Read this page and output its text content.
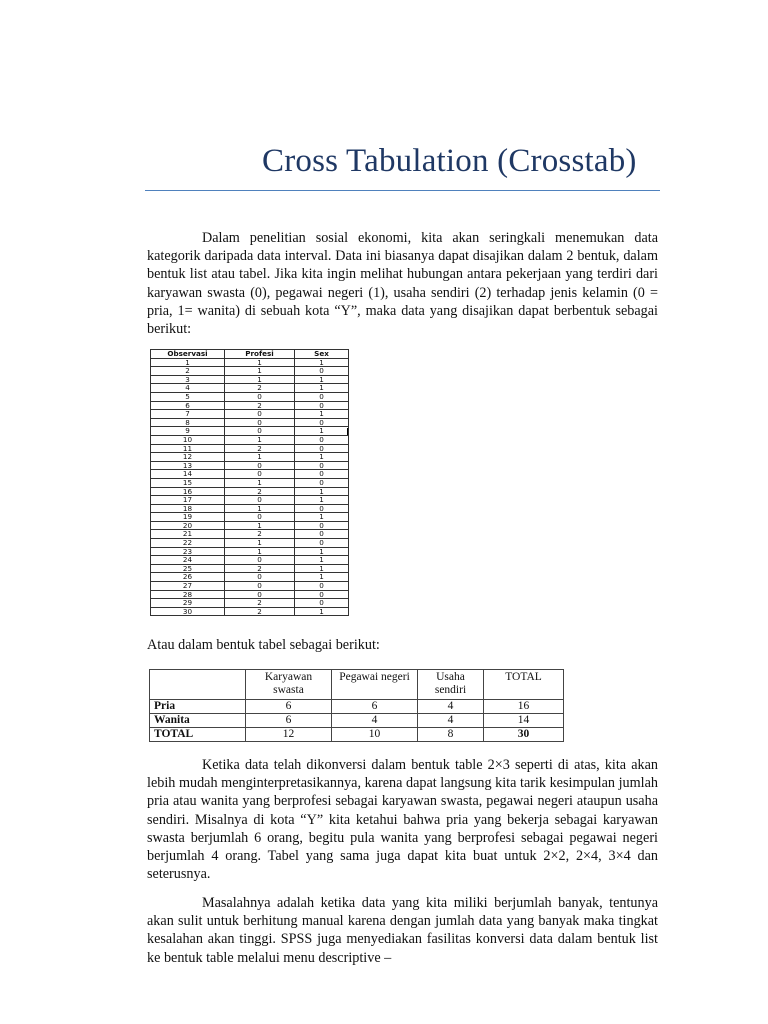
Cross Tabulation (Crosstab)

Dalam penelitian sosial ekonomi, kita akan seringkali menemukan data kategorik daripada data interval. Data ini biasanya dapat disajikan dalam 2 bentuk, dalam bentuk list atau tabel. Jika kita ingin melihat hubungan antara pekerjaan yang terdiri dari karyawan swasta (0), pegawai negeri (1), usaha sendiri (2) terhadap jenis kelamin (0 = pria, 1= wanita) di sebuah kota “Y”, maka data yang disajikan dapat berbentuk sebagai berikut:

Observasi	Profesi	Sex
1	1	1
2	1	0
3	1	1
4	2	1
5	0	0
6	2	0
7	0	1
8	0	0
9	0	1
10	1	0
11	2	0
12	1	1
13	0	0
14	0	0
15	1	0
16	2	1
17	0	1
18	1	0
19	0	1
20	1	0
21	2	0
22	1	0
23	1	1
24	0	1
25	2	1
26	0	1
27	0	0
28	0	0
29	2	0
30	2	1

Atau dalam bentuk tabel sebagai berikut:

	Karyawan swasta	Pegawai negeri	Usaha sendiri	TOTAL
Pria	6	6	4	16
Wanita	6	4	4	14
TOTAL	12	10	8	30

Ketika data telah dikonversi dalam bentuk table 2×3 seperti di atas, kita akan lebih mudah menginterpretasikannya, karena dapat langsung kita tarik kesimpulan jumlah pria atau wanita yang berprofesi sebagai karyawan swasta, pegawai negeri ataupun usaha sendiri. Misalnya di kota “Y” kita ketahui bahwa pria yang bekerja sebagai karyawan swasta berjumlah 6 orang, begitu pula wanita yang berprofesi sebagai pegawai negeri berjumlah 4 orang. Tabel yang sama juga dapat kita buat untuk 2×2, 2×4, 3×4 dan seterusnya.

Masalahnya adalah ketika data yang kita miliki berjumlah banyak, tentunya akan sulit untuk berhitung manual karena dengan jumlah data yang banyak maka tingkat kesalahan akan tinggi. SPSS juga menyediakan fasilitas konversi data dalam bentuk list ke bentuk table melalui menu descriptive –
